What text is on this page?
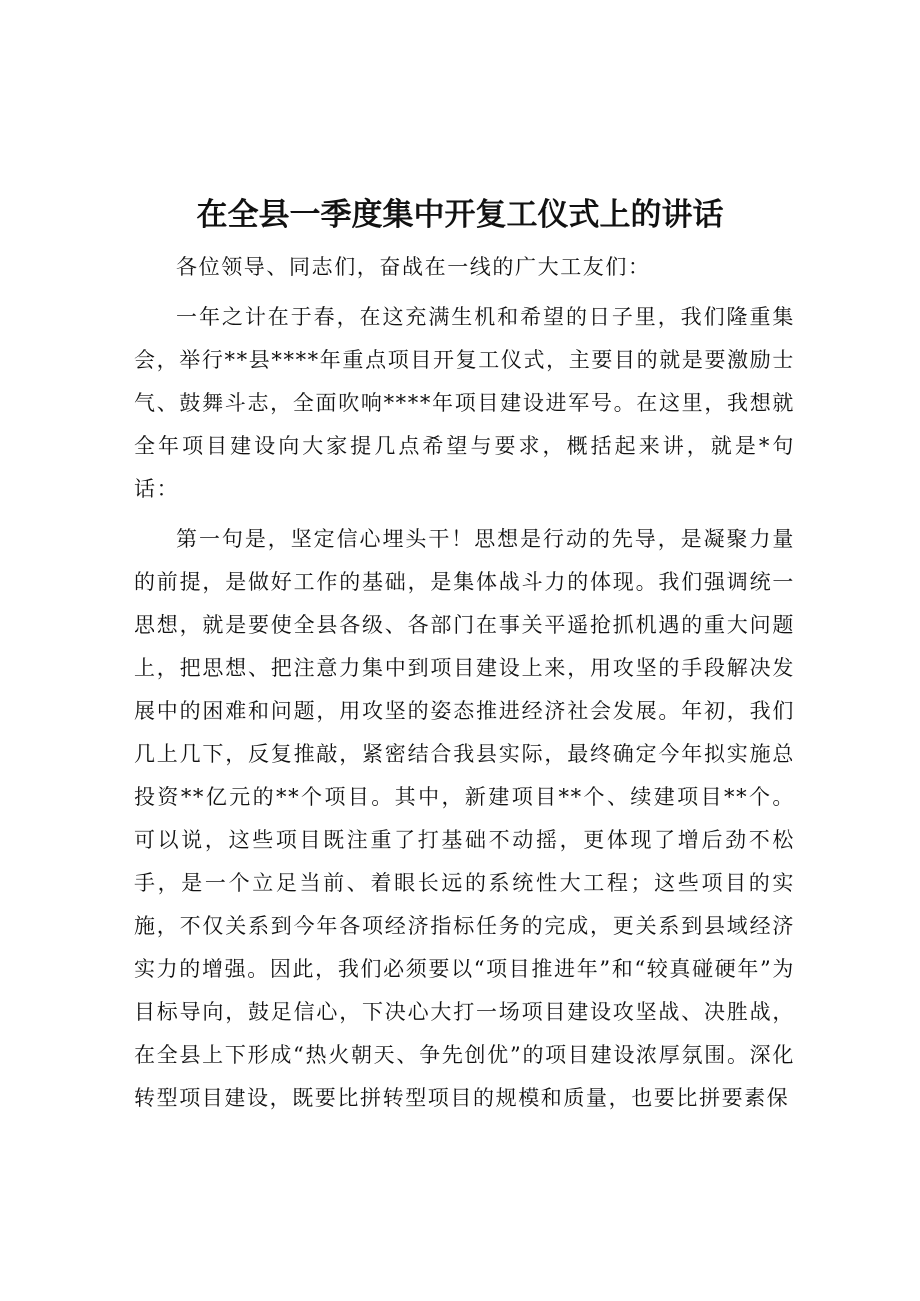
在全县一季度集中开复工仪式上的讲话

各位领导、同志们，奋战在一线的广大工友们：

一年之计在于春，在这充满生机和希望的日子里，我们隆重集会，举行**县****年重点项目开复工仪式，主要目的就是要激励士气、鼓舞斗志，全面吹响****年项目建设进军号。在这里，我想就全年项目建设向大家提几点希望与要求，概括起来讲，就是*句话：

第一句是，坚定信心埋头干！思想是行动的先导，是凝聚力量的前提，是做好工作的基础，是集体战斗力的体现。我们强调统一思想，就是要使全县各级、各部门在事关平遥抢抓机遇的重大问题上，把思想、把注意力集中到项目建设上来，用攻坚的手段解决发展中的困难和问题，用攻坚的姿态推进经济社会发展。年初，我们几上几下，反复推敲，紧密结合我县实际，最终确定今年拟实施总投资**亿元的**个项目。其中，新建项目**个、续建项目**个。可以说，这些项目既注重了打基础不动摇，更体现了增后劲不松手，是一个立足当前、着眼长远的系统性大工程；这些项目的实施，不仅关系到今年各项经济指标任务的完成，更关系到县域经济实力的增强。因此，我们必须要以“项目推进年”和“较真碰硬年”为目标导向，鼓足信心，下决心大打一场项目建设攻坚战、决胜战，在全县上下形成“热火朝天、争先创优”的项目建设浓厚氛围。深化转型项目建设，既要比拼转型项目的规模和质量，也要比拼要素保
